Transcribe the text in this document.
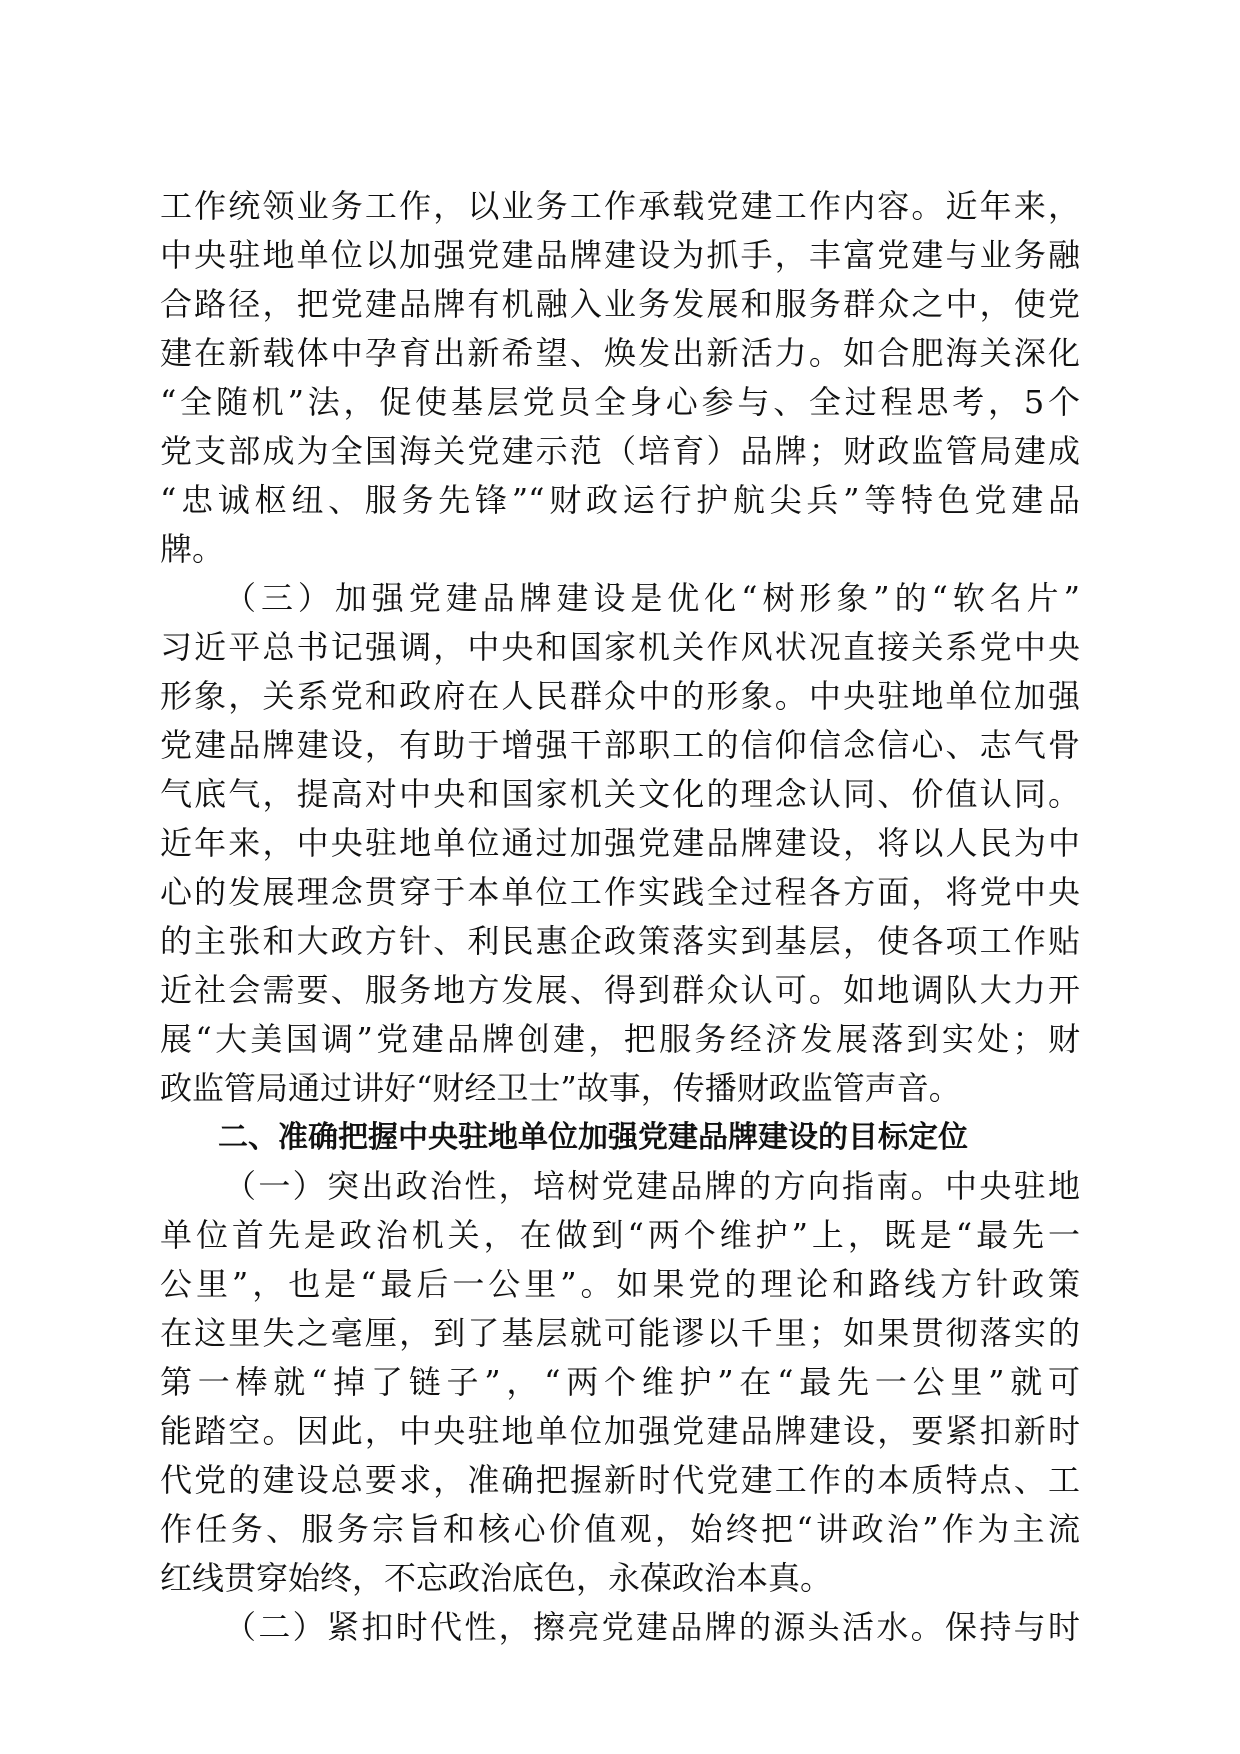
工作统领业务工作，以业务工作承载党建工作内容。近年来，
中央驻地单位以加强党建品牌建设为抓手，丰富党建与业务融
合路径，把党建品牌有机融入业务发展和服务群众之中，使党
建在新载体中孕育出新希望、焕发出新活力。如合肥海关深化
“全随机”法，促使基层党员全身心参与、全过程思考，5个
党支部成为全国海关党建示范（培育）品牌；财政监管局建成
“忠诚枢纽、服务先锋”“财政运行护航尖兵”等特色党建品
牌。
（三）加强党建品牌建设是优化“树形象”的“软名片”
习近平总书记强调，中央和国家机关作风状况直接关系党中央
形象，关系党和政府在人民群众中的形象。中央驻地单位加强
党建品牌建设，有助于增强干部职工的信仰信念信心、志气骨
气底气，提高对中央和国家机关文化的理念认同、价值认同。
近年来，中央驻地单位通过加强党建品牌建设，将以人民为中
心的发展理念贯穿于本单位工作实践全过程各方面，将党中央
的主张和大政方针、利民惠企政策落实到基层，使各项工作贴
近社会需要、服务地方发展、得到群众认可。如地调队大力开
展“大美国调”党建品牌创建，把服务经济发展落到实处；财
政监管局通过讲好“财经卫士”故事，传播财政监管声音。
二、准确把握中央驻地单位加强党建品牌建设的目标定位
（一）突出政治性，培树党建品牌的方向指南。中央驻地
单位首先是政治机关，在做到“两个维护”上，既是“最先一
公里”，也是“最后一公里”。如果党的理论和路线方针政策
在这里失之毫厘，到了基层就可能谬以千里；如果贯彻落实的
第一棒就“掉了链子”，“两个维护”在“最先一公里”就可
能踏空。因此，中央驻地单位加强党建品牌建设，要紧扣新时
代党的建设总要求，准确把握新时代党建工作的本质特点、工
作任务、服务宗旨和核心价值观，始终把“讲政治”作为主流
红线贯穿始终，不忘政治底色，永葆政治本真。
（二）紧扣时代性，擦亮党建品牌的源头活水。保持与时
